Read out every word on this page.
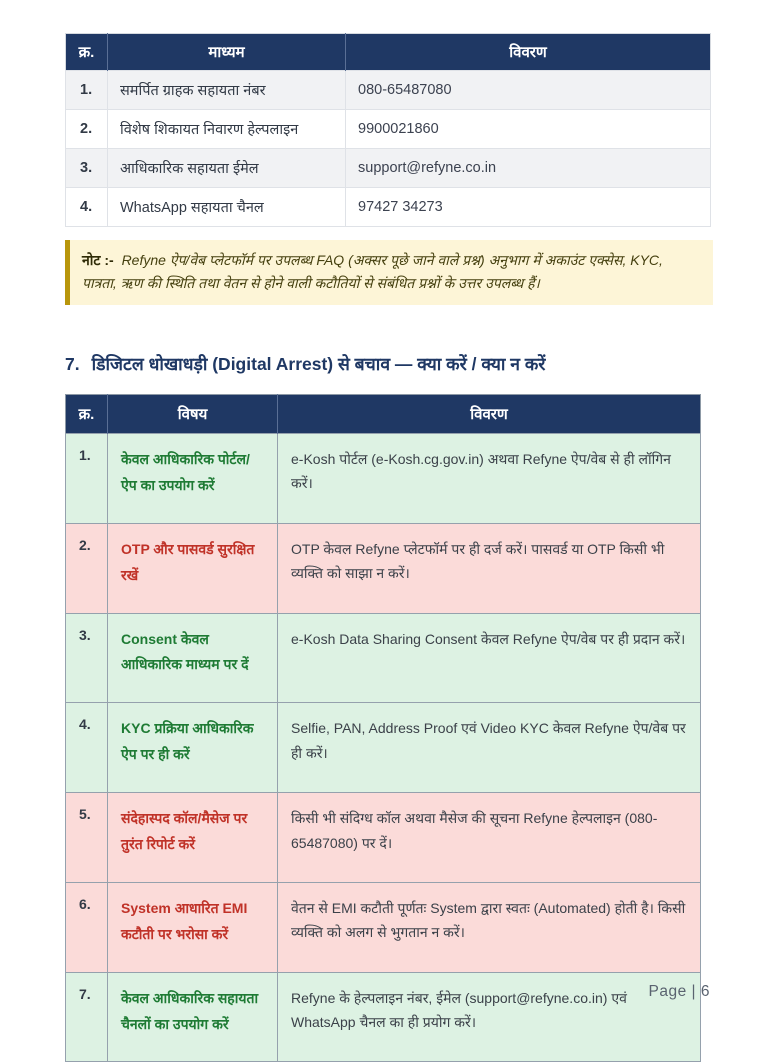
क्र.	माध्यम	विवरण
1.	समर्पित ग्राहक सहायता नंबर	080-65487080
2.	विशेष शिकायत निवारण हेल्पलाइन	9900021860
3.	आधिकारिक सहायता ईमेल	support@refyne.co.in
4.	WhatsApp सहायता चैनल	97427 34273
नोट :- Refyne ऐप/वेब प्लेटफॉर्म पर उपलब्ध FAQ (अक्सर पूछे जाने वाले प्रश्न) अनुभाग में अकाउंट एक्सेस, KYC, पात्रता, ऋण की स्थिति तथा वेतन से होने वाली कटौतियों से संबंधित प्रश्नों के उत्तर उपलब्ध हैं।
7. डिजिटल धोखाधड़ी (Digital Arrest) से बचाव — क्या करें / क्या न करें
क्र.	विषय	विवरण
1.	केवल आधिकारिक पोर्टल/ऐप का उपयोग करें	e-Kosh पोर्टल (e-Kosh.cg.gov.in) अथवा Refyne ऐप/वेब से ही लॉगिन करें।
2.	OTP और पासवर्ड सुरक्षित रखें	OTP केवल Refyne प्लेटफॉर्म पर ही दर्ज करें। पासवर्ड या OTP किसी भी व्यक्ति को साझा न करें।
3.	Consent केवल आधिकारिक माध्यम पर दें	e-Kosh Data Sharing Consent केवल Refyne ऐप/वेब पर ही प्रदान करें।
4.	KYC प्रक्रिया आधिकारिक ऐप पर ही करें	Selfie, PAN, Address Proof एवं Video KYC केवल Refyne ऐप/वेब पर ही करें।
5.	संदेहास्पद कॉल/मैसेज पर तुरंत रिपोर्ट करें	किसी भी संदिग्ध कॉल अथवा मैसेज की सूचना Refyne हेल्पलाइन (080-65487080) पर दें।
6.	System आधारित EMI कटौती पर भरोसा करें	वेतन से EMI कटौती पूर्णतः System द्वारा स्वतः (Automated) होती है। किसी व्यक्ति को अलग से भुगतान न करें।
7.	केवल आधिकारिक सहायता चैनलों का उपयोग करें	Refyne के हेल्पलाइन नंबर, ईमेल (support@refyne.co.in) एवं WhatsApp चैनल का ही प्रयोग करें।
Page | 6
